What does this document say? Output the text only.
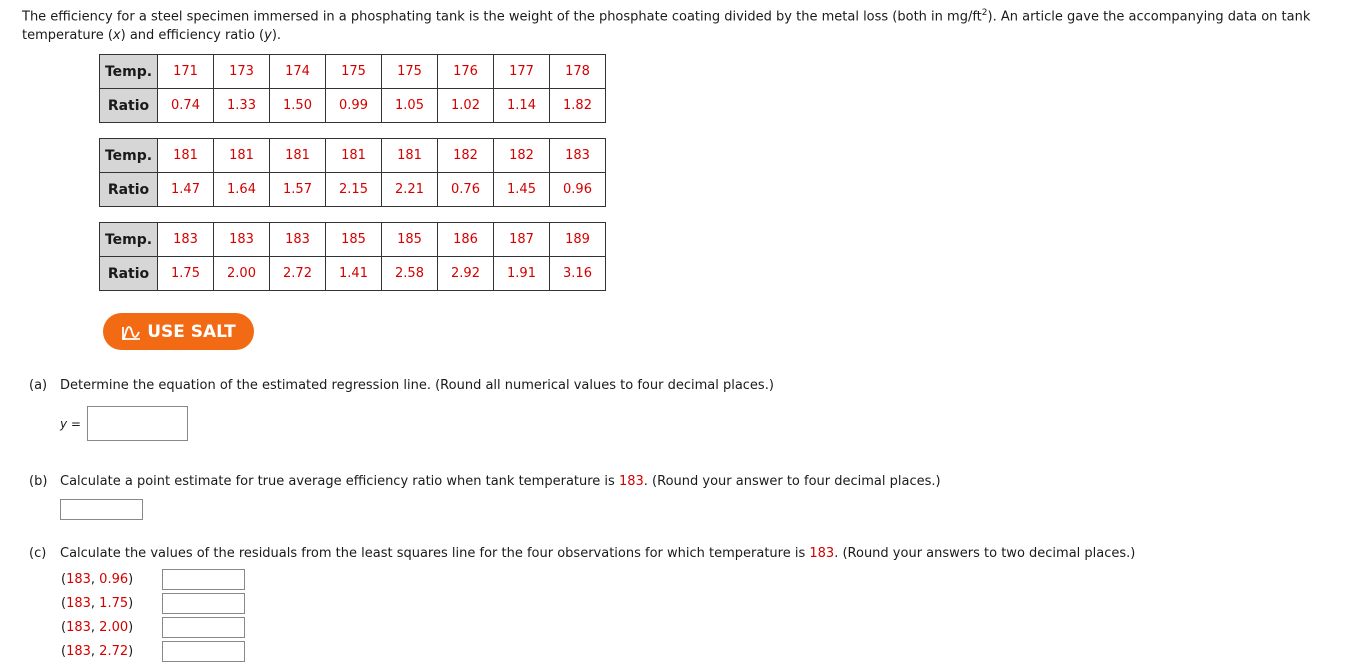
The efficiency for a steel specimen immersed in a phosphating tank is the weight of the phosphate coating divided by the metal loss (both in $mg/ft^2$). An article gave the accompanying data on tank temperature (x) and efficiency ratio (y).
Temp.	171	173	174	175	175	176	177	178
Ratio	0.74	1.33	1.50	0.99	1.05	1.02	1.14	1.82
Temp.	181	181	181	181	181	182	182	183
Ratio	1.47	1.64	1.57	2.15	2.21	0.76	1.45	0.96
Temp.	183	183	183	185	185	186	187	189
Ratio	1.75	2.00	2.72	1.41	2.58	2.92	1.91	3.16
USE SALT
(a) Determine the equation of the estimated regression line. (Round all numerical values to four decimal places.)
y =
(b) Calculate a point estimate for true average efficiency ratio when tank temperature is 183. (Round your answer to four decimal places.)
(c) Calculate the values of the residuals from the least squares line for the four observations for which temperature is 183. (Round your answers to two decimal places.)
(183, 0.96)
(183, 1.75)
(183, 2.00)
(183, 2.72)
